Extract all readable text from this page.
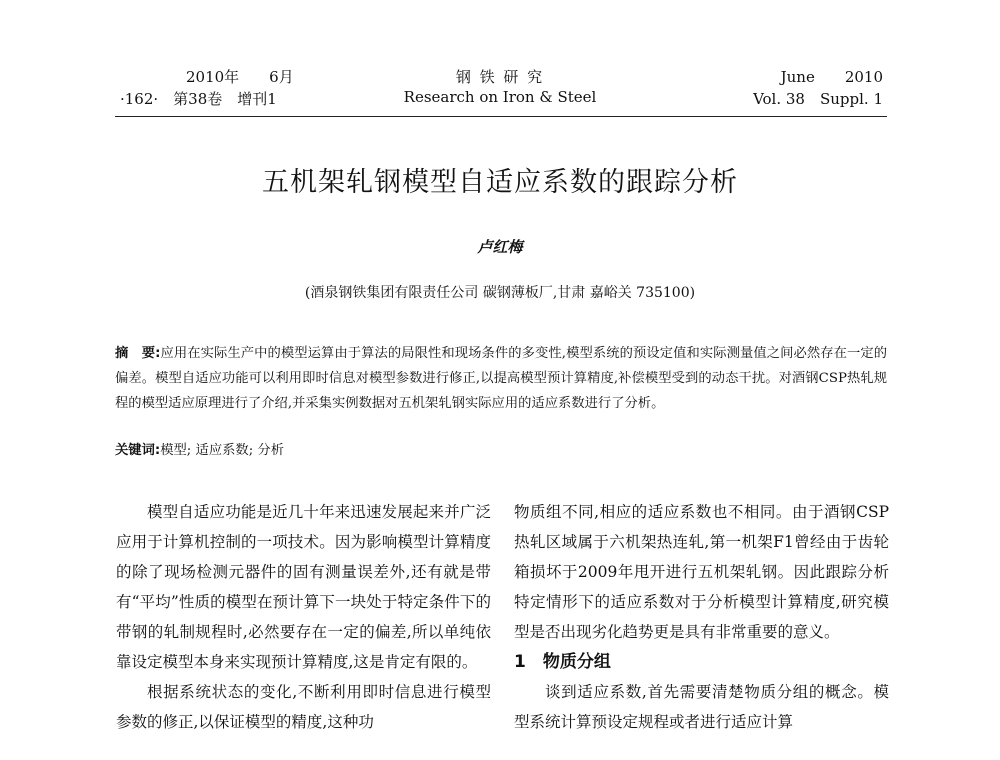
2010年　　6月
·162·　第38卷　增刊1
钢 铁 研 究
Research on Iron & Steel
June　　2010
Vol. 38　Suppl. 1
五机架轧钢模型自适应系数的跟踪分析
卢红梅
(酒泉钢铁集团有限责任公司 碳钢薄板厂,甘肃 嘉峪关 735100)
摘　要:应用在实际生产中的模型运算由于算法的局限性和现场条件的多变性,模型系统的预设定值和实际测量值之间必然存在一定的偏差。模型自适应功能可以利用即时信息对模型参数进行修正,以提高模型预计算精度,补偿模型受到的动态干扰。对酒钢CSP热轧规程的模型适应原理进行了介绍,并采集实例数据对五机架轧钢实际应用的适应系数进行了分析。
关键词:模型; 适应系数; 分析

模型自适应功能是近几十年来迅速发展起来并广泛应用于计算机控制的一项技术。因为影响模型计算精度的除了现场检测元器件的固有测量误差外,还有就是带有“平均”性质的模型在预计算下一块处于特定条件下的带钢的轧制规程时,必然要存在一定的偏差,所以单纯依靠设定模型本身来实现预计算精度,这是肯定有限的。

根据系统状态的变化,不断利用即时信息进行模型参数的修正,以保证模型的精度,这种功

物质组不同,相应的适应系数也不相同。由于酒钢CSP热轧区域属于六机架热连轧,第一机架F1曾经由于齿轮箱损坏于2009年甩开进行五机架轧钢。因此跟踪分析特定情形下的适应系数对于分析模型计算精度,研究模型是否出现劣化趋势更是具有非常重要的意义。

1　物质分组

谈到适应系数,首先需要清楚物质分组的概念。模型系统计算预设定规程或者进行适应计算
